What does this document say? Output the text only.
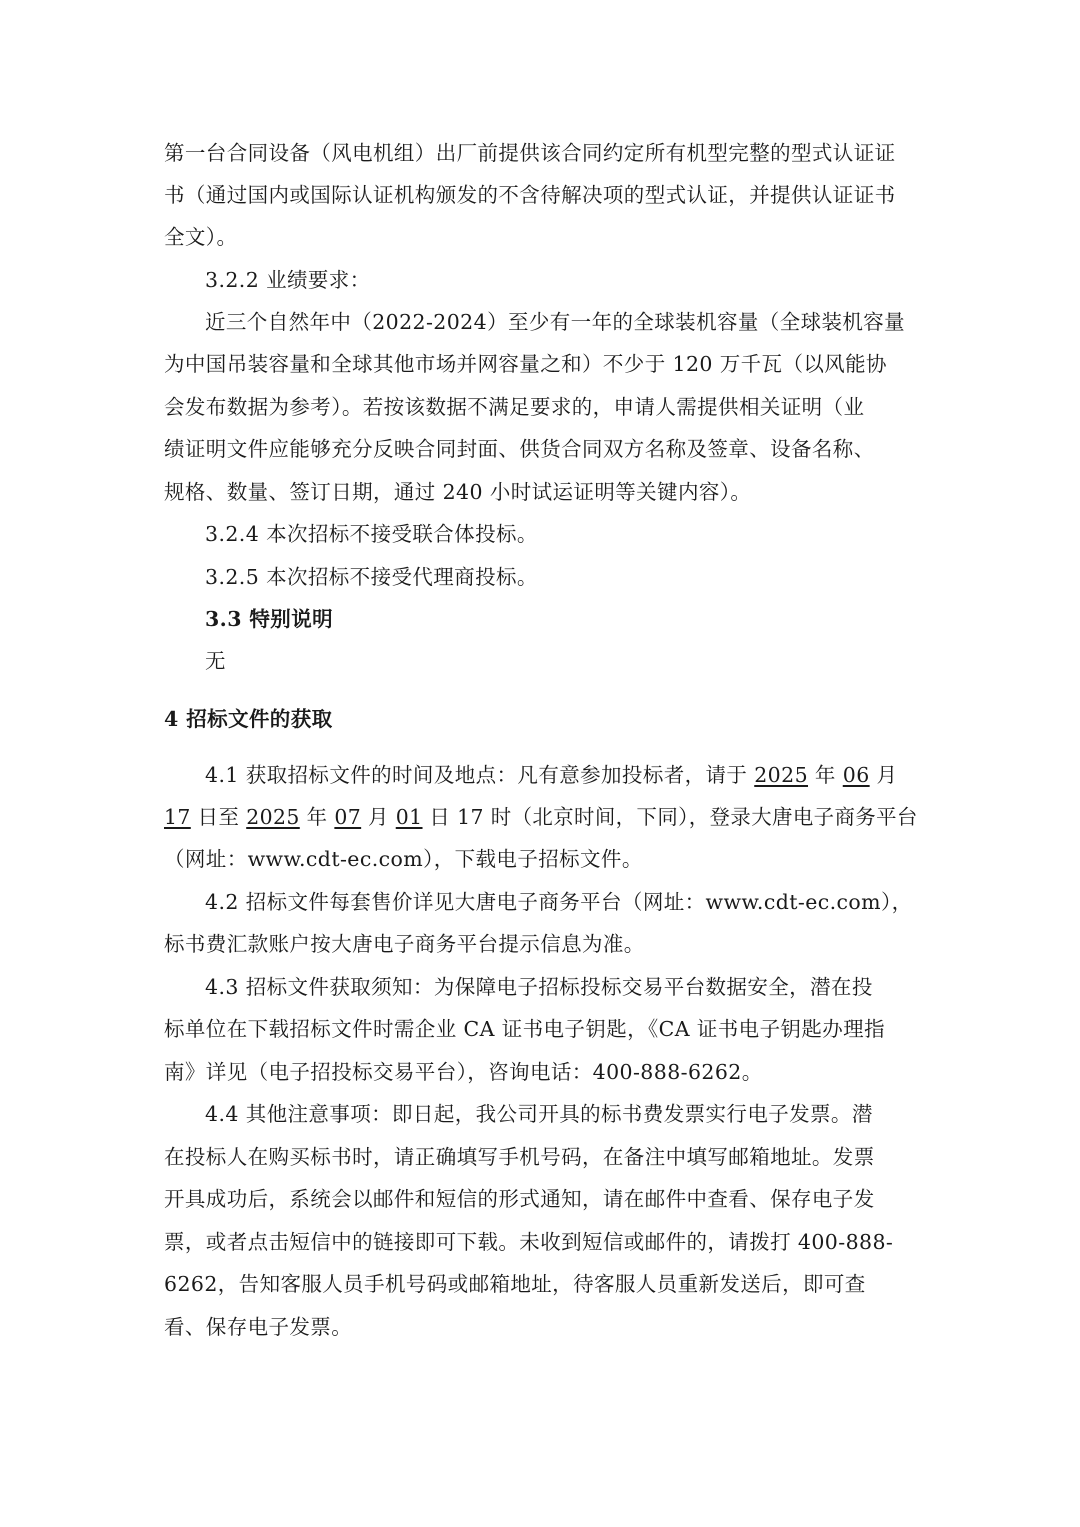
第一台合同设备（风电机组）出厂前提供该合同约定所有机型完整的型式认证证
书（通过国内或国际认证机构颁发的不含待解决项的型式认证，并提供认证证书
全文）。
3.2.2 业绩要求：
近三个自然年中（2022-2024）至少有一年的全球装机容量（全球装机容量
为中国吊装容量和全球其他市场并网容量之和）不少于 120 万千瓦（以风能协
会发布数据为参考）。若按该数据不满足要求的，申请人需提供相关证明（业
绩证明文件应能够充分反映合同封面、供货合同双方名称及签章、设备名称、
规格、数量、签订日期，通过 240 小时试运证明等关键内容）。
3.2.4 本次招标不接受联合体投标。
3.2.5 本次招标不接受代理商投标。
3.3 特别说明
无
4 招标文件的获取
4.1 获取招标文件的时间及地点：凡有意参加投标者，请于 2025 年 06 月
17 日至 2025 年 07 月 01 日 17 时（北京时间，下同），登录大唐电子商务平台
（网址：www.cdt-ec.com），下载电子招标文件。
4.2 招标文件每套售价详见大唐电子商务平台（网址：www.cdt-ec.com），
标书费汇款账户按大唐电子商务平台提示信息为准。
4.3 招标文件获取须知：为保障电子招标投标交易平台数据安全，潜在投
标单位在下载招标文件时需企业 CA 证书电子钥匙，《CA 证书电子钥匙办理指
南》详见（电子招投标交易平台），咨询电话：400-888-6262。
4.4 其他注意事项：即日起，我公司开具的标书费发票实行电子发票。潜
在投标人在购买标书时，请正确填写手机号码，在备注中填写邮箱地址。发票
开具成功后，系统会以邮件和短信的形式通知，请在邮件中查看、保存电子发
票，或者点击短信中的链接即可下载。未收到短信或邮件的，请拨打 400-888-
6262，告知客服人员手机号码或邮箱地址，待客服人员重新发送后，即可查
看、保存电子发票。
